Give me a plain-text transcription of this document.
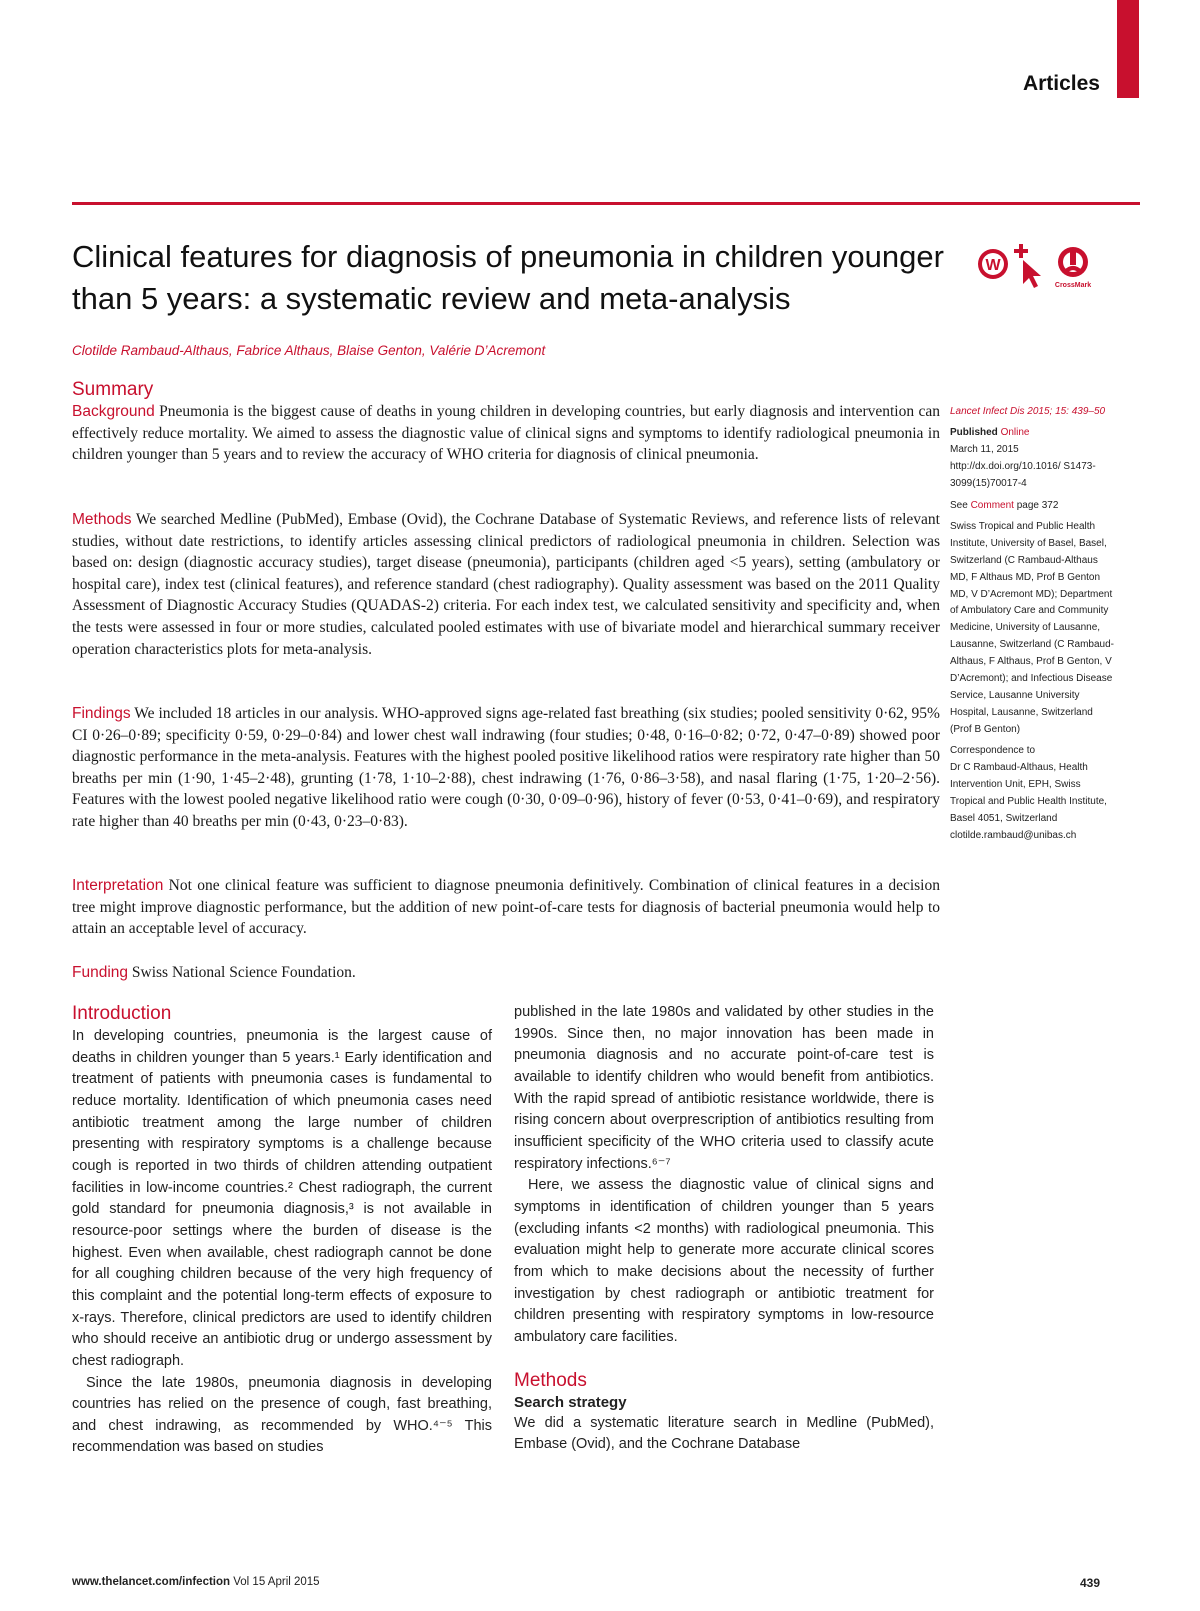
Articles
Clinical features for diagnosis of pneumonia in children younger than 5 years: a systematic review and meta-analysis
W
CrossMark

Clotilde Rambaud-Althaus, Fabrice Althaus, Blaise Genton, Valérie D’Acremont

Summary

Background Pneumonia is the biggest cause of deaths in young children in developing countries, but early diagnosis and intervention can effectively reduce mortality. We aimed to assess the diagnostic value of clinical signs and symptoms to identify radiological pneumonia in children younger than 5 years and to review the accuracy of WHO criteria for diagnosis of clinical pneumonia.

Methods We searched Medline (PubMed), Embase (Ovid), the Cochrane Database of Systematic Reviews, and reference lists of relevant studies, without date restrictions, to identify articles assessing clinical predictors of radiological pneumonia in children. Selection was based on: design (diagnostic accuracy studies), target disease (pneumonia), participants (children aged <5 years), setting (ambulatory or hospital care), index test (clinical features), and reference standard (chest radiography). Quality assessment was based on the 2011 Quality Assessment of Diagnostic Accuracy Studies (QUADAS-2) criteria. For each index test, we calculated sensitivity and specificity and, when the tests were assessed in four or more studies, calculated pooled estimates with use of bivariate model and hierarchical summary receiver operation characteristics plots for meta-analysis.

Findings We included 18 articles in our analysis. WHO-approved signs age-related fast breathing (six studies; pooled sensitivity 0·62, 95% CI 0·26–0·89; specificity 0·59, 0·29–0·84) and lower chest wall indrawing (four studies; 0·48, 0·16–0·82; 0·72, 0·47–0·89) showed poor diagnostic performance in the meta-analysis. Features with the highest pooled positive likelihood ratios were respiratory rate higher than 50 breaths per min (1·90, 1·45–2·48), grunting (1·78, 1·10–2·88), chest indrawing (1·76, 0·86–3·58), and nasal flaring (1·75, 1·20–2·56). Features with the lowest pooled negative likelihood ratio were cough (0·30, 0·09–0·96), history of fever (0·53, 0·41–0·69), and respiratory rate higher than 40 breaths per min (0·43, 0·23–0·83).

Interpretation Not one clinical feature was sufficient to diagnose pneumonia definitively. Combination of clinical features in a decision tree might improve diagnostic performance, but the addition of new point-of-care tests for diagnosis of bacterial pneumonia would help to attain an acceptable level of accuracy.

Funding Swiss National Science Foundation.

Lancet Infect Dis 2015; 15: 439–50

Published Online
March 11, 2015
http://dx.doi.org/10.1016/ S1473-3099(15)70017-4

See Comment page 372

Swiss Tropical and Public Health Institute, University of Basel, Basel, Switzerland (C Rambaud-Althaus MD, F Althaus MD, Prof B Genton MD, V D’Acremont MD); Department of Ambulatory Care and Community Medicine, University of Lausanne, Lausanne, Switzerland (C Rambaud-Althaus, F Althaus, Prof B Genton, V D’Acremont); and Infectious Disease Service, Lausanne University Hospital, Lausanne, Switzerland (Prof B Genton)

Correspondence to
Dr C Rambaud-Althaus, Health Intervention Unit, EPH, Swiss Tropical and Public Health Institute, Basel 4051, Switzerland
clotilde.rambaud@unibas.ch

Introduction

In developing countries, pneumonia is the largest cause of deaths in children younger than 5 years.¹ Early identification and treatment of patients with pneumonia cases is fundamental to reduce mortality. Identification of which pneumonia cases need antibiotic treatment among the large number of children presenting with respiratory symptoms is a challenge because cough is reported in two thirds of children attending outpatient facilities in low-income countries.² Chest radiograph, the current gold standard for pneumonia diagnosis,³ is not available in resource-poor settings where the burden of disease is the highest. Even when available, chest radiograph cannot be done for all coughing children because of the very high frequency of this complaint and the potential long-term effects of exposure to x-rays. Therefore, clinical predictors are used to identify children who should receive an antibiotic drug or undergo assessment by chest radiograph.

Since the late 1980s, pneumonia diagnosis in developing countries has relied on the presence of cough, fast breathing, and chest indrawing, as recommended by WHO.⁴⁻⁵ This recommendation was based on studies

published in the late 1980s and validated by other studies in the 1990s. Since then, no major innovation has been made in pneumonia diagnosis and no accurate point-of-care test is available to identify children who would benefit from antibiotics. With the rapid spread of antibiotic resistance worldwide, there is rising concern about overprescription of antibiotics resulting from insufficient specificity of the WHO criteria used to classify acute respiratory infections.⁶⁻⁷

Here, we assess the diagnostic value of clinical signs and symptoms in identification of children younger than 5 years (excluding infants <2 months) with radiological pneumonia. This evaluation might help to generate more accurate clinical scores from which to make decisions about the necessity of further investigation by chest radiograph or antibiotic treatment for children presenting with respiratory symptoms in low-resource ambulatory care facilities.

Methods
Search strategy

We did a systematic literature search in Medline (PubMed), Embase (Ovid), and the Cochrane Database

www.thelancet.com/infection Vol 15 April 2015	439
